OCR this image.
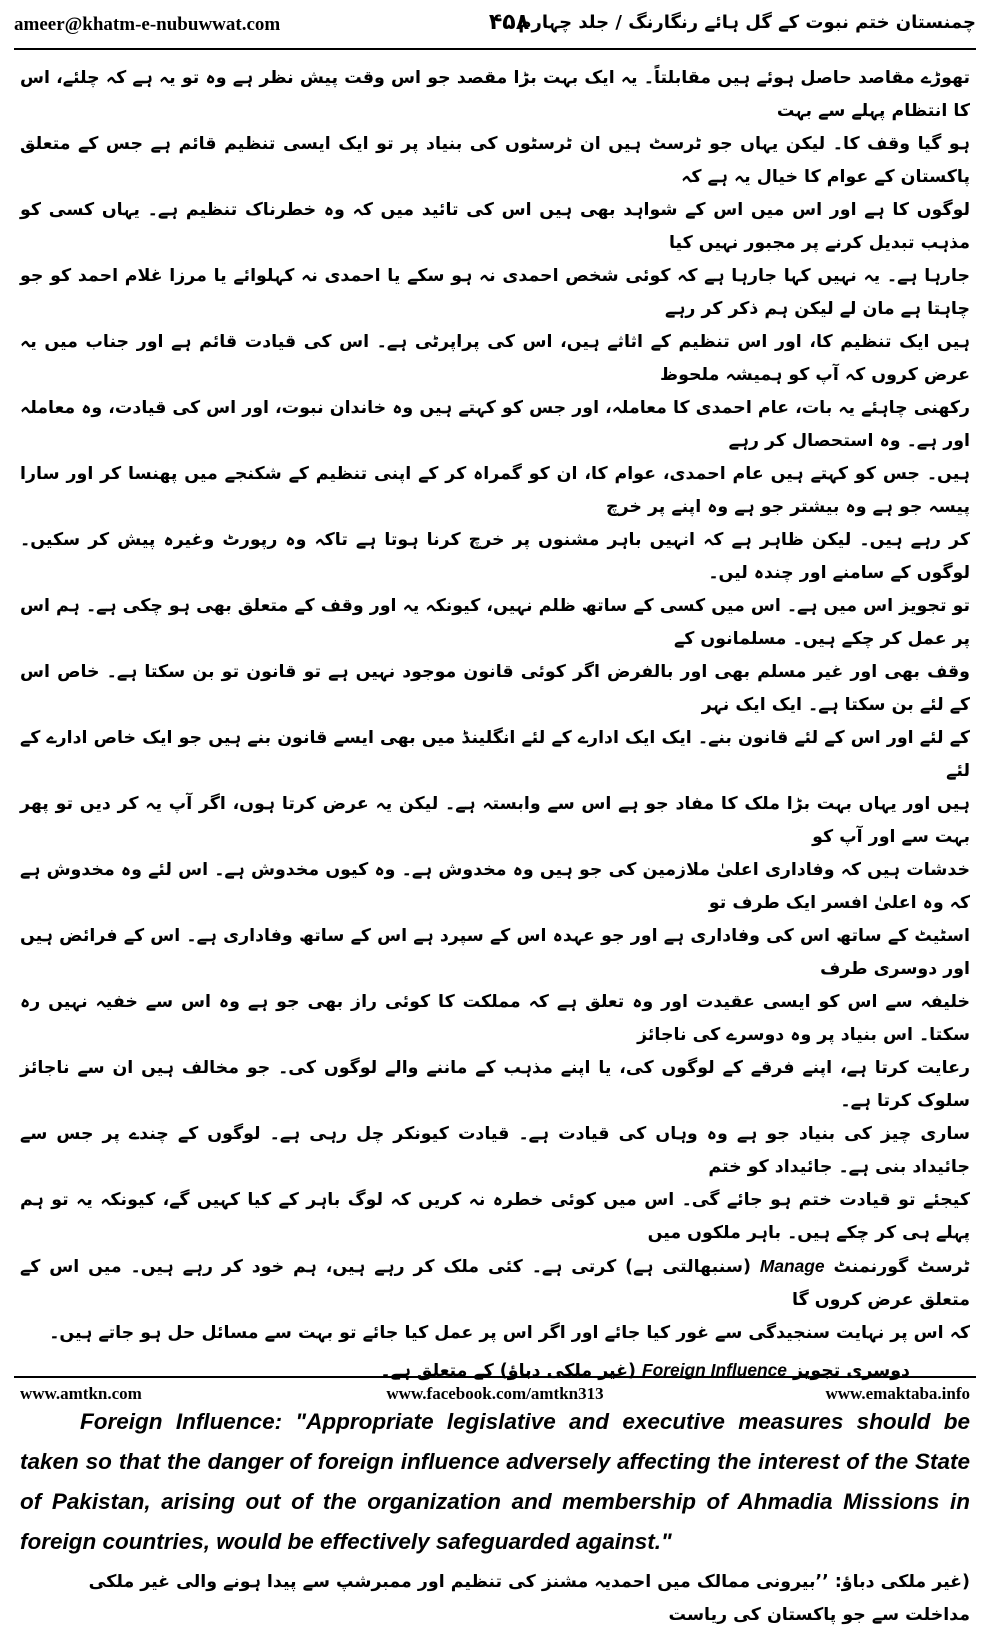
ameer@khatm-e-nubuwwat.com	۴۵۸
چمنستان ختم نبوت کے گل ہائے رنگارنگ / جلد چہارم

تھوڑے مقاصد حاصل ہوئے ہیں مقابلتاً۔ یہ ایک بہت بڑا مقصد جو اس وقت پیش نظر ہے وہ تو یہ ہے کہ چلئے، اس کا انتظام پہلے سے بہت
ہو گیا وقف کا۔ لیکن یہاں جو ٹرسٹ ہیں ان ٹرسٹوں کی بنیاد پر تو ایک ایسی تنظیم قائم ہے جس کے متعلق پاکستان کے عوام کا خیال یہ ہے کہ
لوگوں کا ہے اور اس میں اس کے شواہد بھی ہیں اس کی تائید میں کہ وہ خطرناک تنظیم ہے۔ یہاں کسی کو مذہب تبدیل کرنے پر مجبور نہیں کیا
جارہا ہے۔ یہ نہیں کہا جارہا ہے کہ کوئی شخص احمدی نہ ہو سکے یا احمدی نہ کہلوائے یا مرزا غلام احمد کو جو چاہتا ہے مان لے لیکن ہم ذکر کر رہے
ہیں ایک تنظیم کا، اور اس تنظیم کے اثاثے ہیں، اس کی پراپرٹی ہے۔ اس کی قیادت قائم ہے اور جناب میں یہ عرض کروں کہ آپ کو ہمیشہ ملحوظ
رکھنی چاہئے یہ بات، عام احمدی کا معاملہ، اور جس کو کہتے ہیں وہ خاندان نبوت، اور اس کی قیادت، وہ معاملہ اور ہے۔ وہ استحصال کر رہے
ہیں۔ جس کو کہتے ہیں عام احمدی، عوام کا، ان کو گمراہ کر کے اپنی تنظیم کے شکنجے میں پھنسا کر اور سارا پیسہ جو ہے وہ بیشتر جو ہے وہ اپنے پر خرچ
کر رہے ہیں۔ لیکن ظاہر ہے کہ انہیں باہر مشنوں پر خرچ کرنا ہوتا ہے تاکہ وہ رپورٹ وغیرہ پیش کر سکیں۔ لوگوں کے سامنے اور چندہ لیں۔
تو تجویز اس میں ہے۔ اس میں کسی کے ساتھ ظلم نہیں، کیونکہ یہ اور وقف کے متعلق بھی ہو چکی ہے۔ ہم اس پر عمل کر چکے ہیں۔ مسلمانوں کے
وقف بھی اور غیر مسلم بھی اور بالفرض اگر کوئی قانون موجود نہیں ہے تو قانون تو بن سکتا ہے۔ خاص اس کے لئے بن سکتا ہے۔ ایک ایک نہر
کے لئے اور اس کے لئے قانون بنے۔ ایک ایک ادارے کے لئے انگلینڈ میں بھی ایسے قانون بنے ہیں جو ایک خاص ادارے کے لئے
ہیں اور یہاں بہت بڑا ملک کا مفاد جو ہے اس سے وابستہ ہے۔ لیکن یہ عرض کرتا ہوں، اگر آپ یہ کر دیں تو پھر بہت سے اور آپ کو
خدشات ہیں کہ وفاداری اعلیٰ ملازمین کی جو ہیں وہ مخدوش ہے۔ وہ کیوں مخدوش ہے۔ اس لئے وہ مخدوش ہے کہ وہ اعلیٰ افسر ایک طرف تو
اسٹیٹ کے ساتھ اس کی وفاداری ہے اور جو عہدہ اس کے سپرد ہے اس کے ساتھ وفاداری ہے۔ اس کے فرائض ہیں اور دوسری طرف
خلیفہ سے اس کو ایسی عقیدت اور وہ تعلق ہے کہ مملکت کا کوئی راز بھی جو ہے وہ اس سے خفیہ نہیں رہ سکتا۔ اس بنیاد پر وہ دوسرے کی ناجائز
رعایت کرتا ہے، اپنے فرقے کے لوگوں کی، یا اپنے مذہب کے ماننے والے لوگوں کی۔ جو مخالف ہیں ان سے ناجائز سلوک کرتا ہے۔
ساری چیز کی بنیاد جو ہے وہ وہاں کی قیادت ہے۔ قیادت کیونکر چل رہی ہے۔ لوگوں کے چندے پر جس سے جائیداد بنی ہے۔ جائیداد کو ختم
کیجئے تو قیادت ختم ہو جائے گی۔ اس میں کوئی خطرہ نہ کریں کہ لوگ باہر کے کیا کہیں گے، کیونکہ یہ تو ہم پہلے ہی کر چکے ہیں۔ باہر ملکوں میں
ٹرسٹ گورنمنٹ Manage (سنبھالتی ہے) کرتی ہے۔ کئی ملک کر رہے ہیں، ہم خود کر رہے ہیں۔ میں اس کے متعلق عرض کروں گا
کہ اس پر نہایت سنجیدگی سے غور کیا جائے اور اگر اس پر عمل کیا جائے تو بہت سے مسائل حل ہو جاتے ہیں۔

دوسری تجویز Foreign Influence (غیر ملکی دباؤ) کے متعلق ہے۔

Foreign Influence: "Appropriate legislative and executive measures should be taken so that the danger of foreign influence adversely affecting the interest of the State of Pakistan, arising out of the organization and membership of Ahmadia Missions in foreign countries, would be effectively safeguarded against."

(غیر ملکی دباؤ: ’’بیرونی ممالک میں احمدیہ مشنز کی تنظیم اور ممبرشپ سے پیدا ہونے والی غیر ملکی مداخلت سے جو پاکستان کی ریاست

www.amtkn.com	www.facebook.com/amtkn313	www.emaktaba.info
